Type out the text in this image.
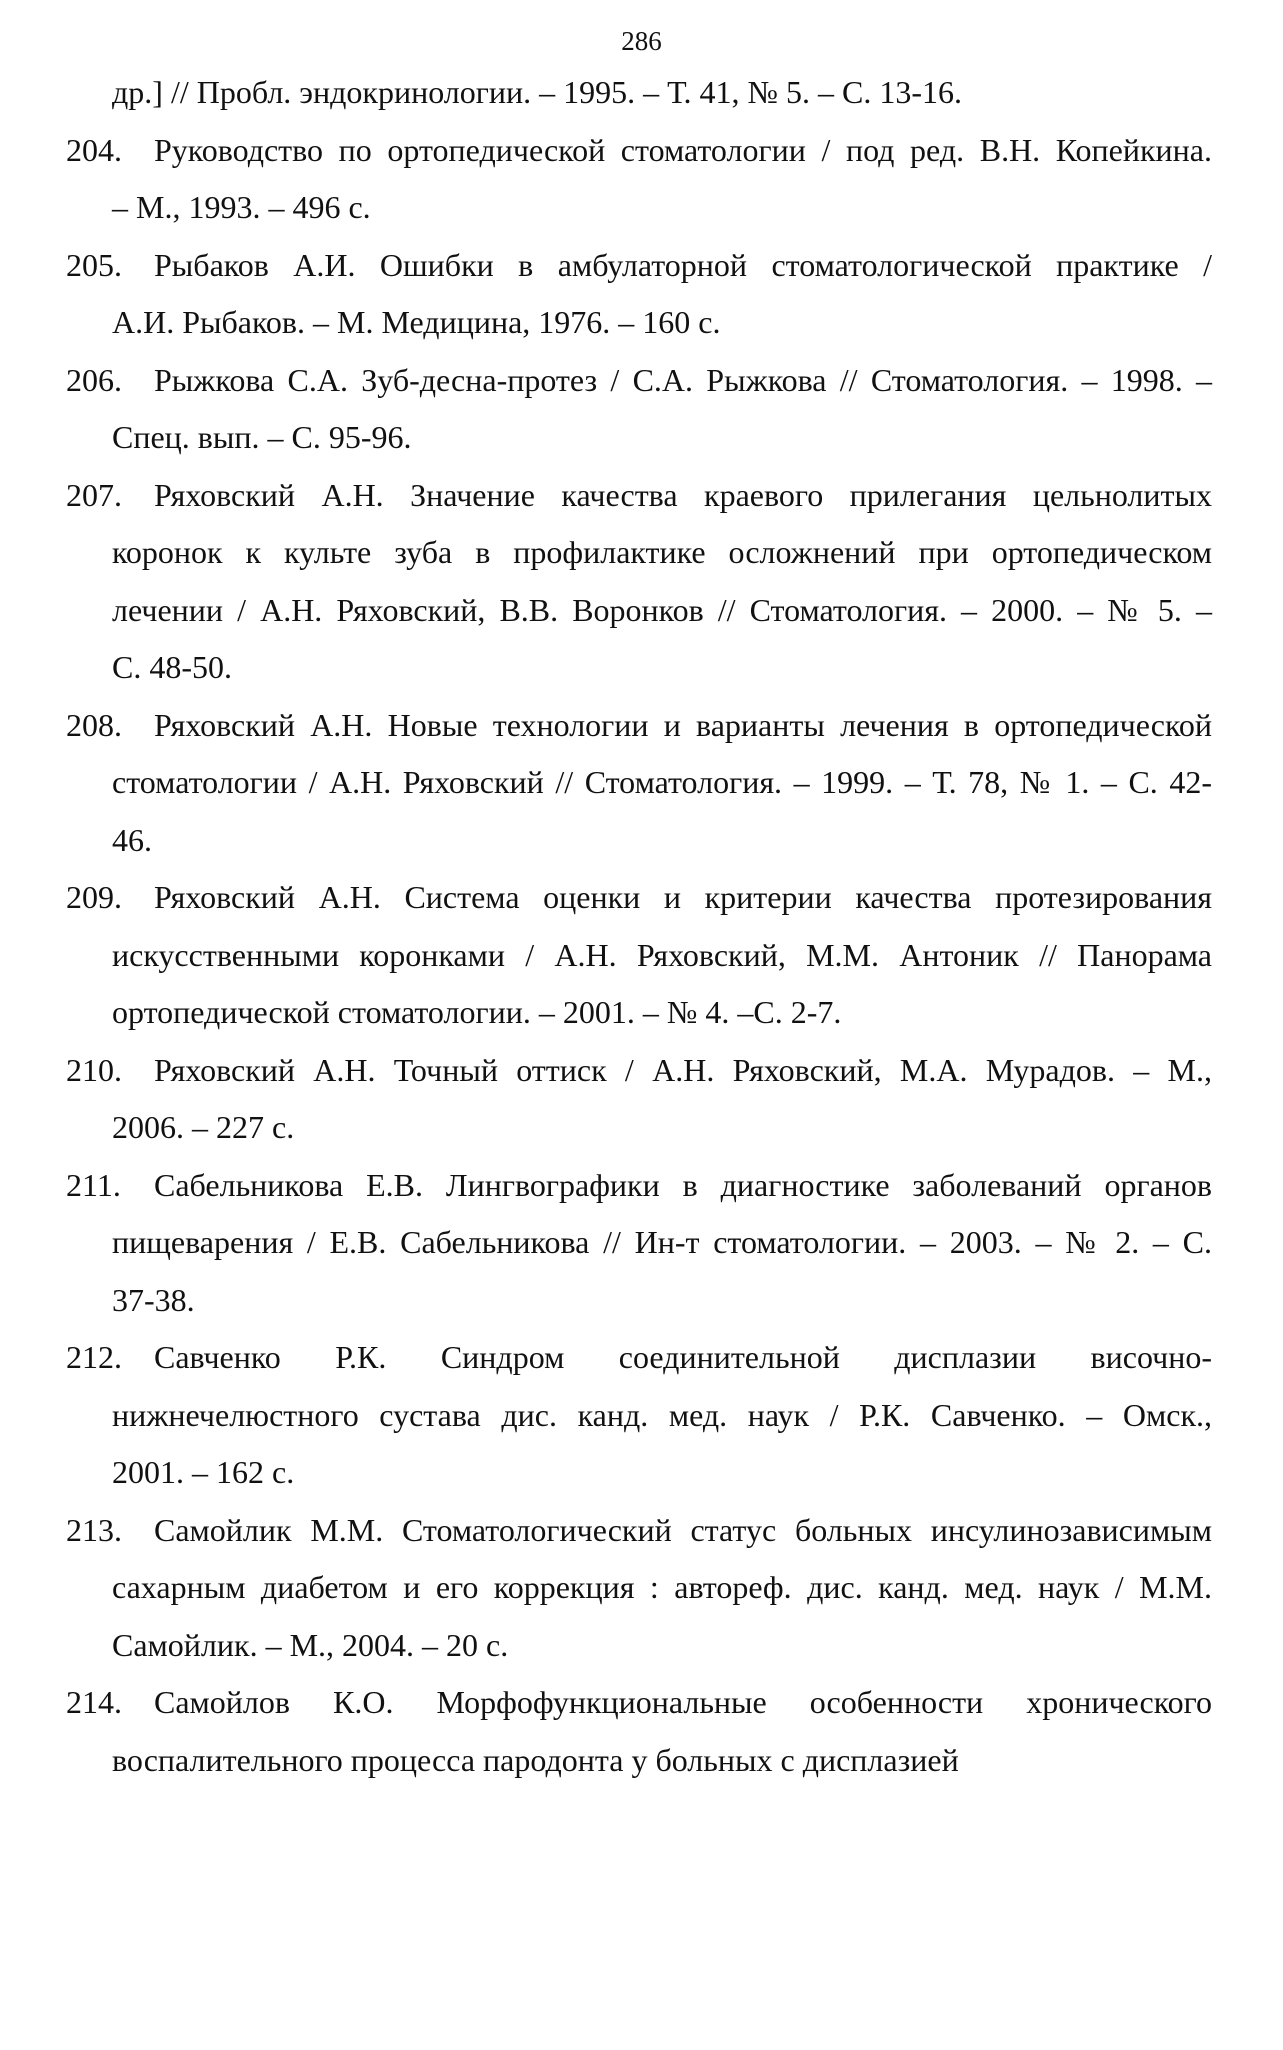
286
др.] // Пробл. эндокринологии. – 1995. – Т. 41, № 5. – С. 13-16.
204.	Руководство по ортопедической стоматологии / под ред. В.Н. Копейкина.
– М., 1993. – 496 с.
205.	Рыбаков А.И. Ошибки в амбулаторной стоматологической практике /
А.И. Рыбаков. – М. Медицина, 1976. – 160 с.
206.	Рыжкова С.А. Зуб-десна-протез / С.А. Рыжкова // Стоматология. – 1998. –
Спец. вып. – С. 95-96.
207.	Ряховский А.Н. Значение качества краевого прилегания цельнолитых
коронок к культе зуба в профилактике осложнений при ортопедическом
лечении / А.Н. Ряховский, В.В. Воронков // Стоматология. – 2000. – № 5. –
С. 48-50.
208.	Ряховский А.Н. Новые технологии и варианты лечения в ортопедической
стоматологии / А.Н. Ряховский // Стоматология. – 1999. – Т. 78, № 1. – С. 42-
46.
209.	Ряховский А.Н. Система оценки и критерии качества протезирования
искусственными коронками / А.Н. Ряховский, М.М. Антоник // Панорама
ортопедической стоматологии. – 2001. – № 4. –С. 2-7.
210.	Ряховский А.Н. Точный оттиск / А.Н. Ряховский, М.А. Мурадов. – М.,
2006. – 227 с.
211.	Сабельникова Е.В. Лингвографики в диагностике заболеваний органов
пищеварения / Е.В. Сабельникова // Ин-т стоматологии. – 2003. – № 2. – С.
37-38.
212.	Савченко Р.К. Синдром соединительной дисплазии височно-
нижнечелюстного сустава дис. канд. мед. наук / Р.К. Савченко. – Омск.,
2001. – 162 с.
213.	Самойлик М.М. Стоматологический статус больных инсулинозависимым
сахарным диабетом и его коррекция : автореф. дис. канд. мед. наук / М.М.
Самойлик. – М., 2004. – 20 с.
214.	Самойлов К.О. Морфофункциональные особенности хронического
воспалительного процесса пародонта у больных с дисплазией
